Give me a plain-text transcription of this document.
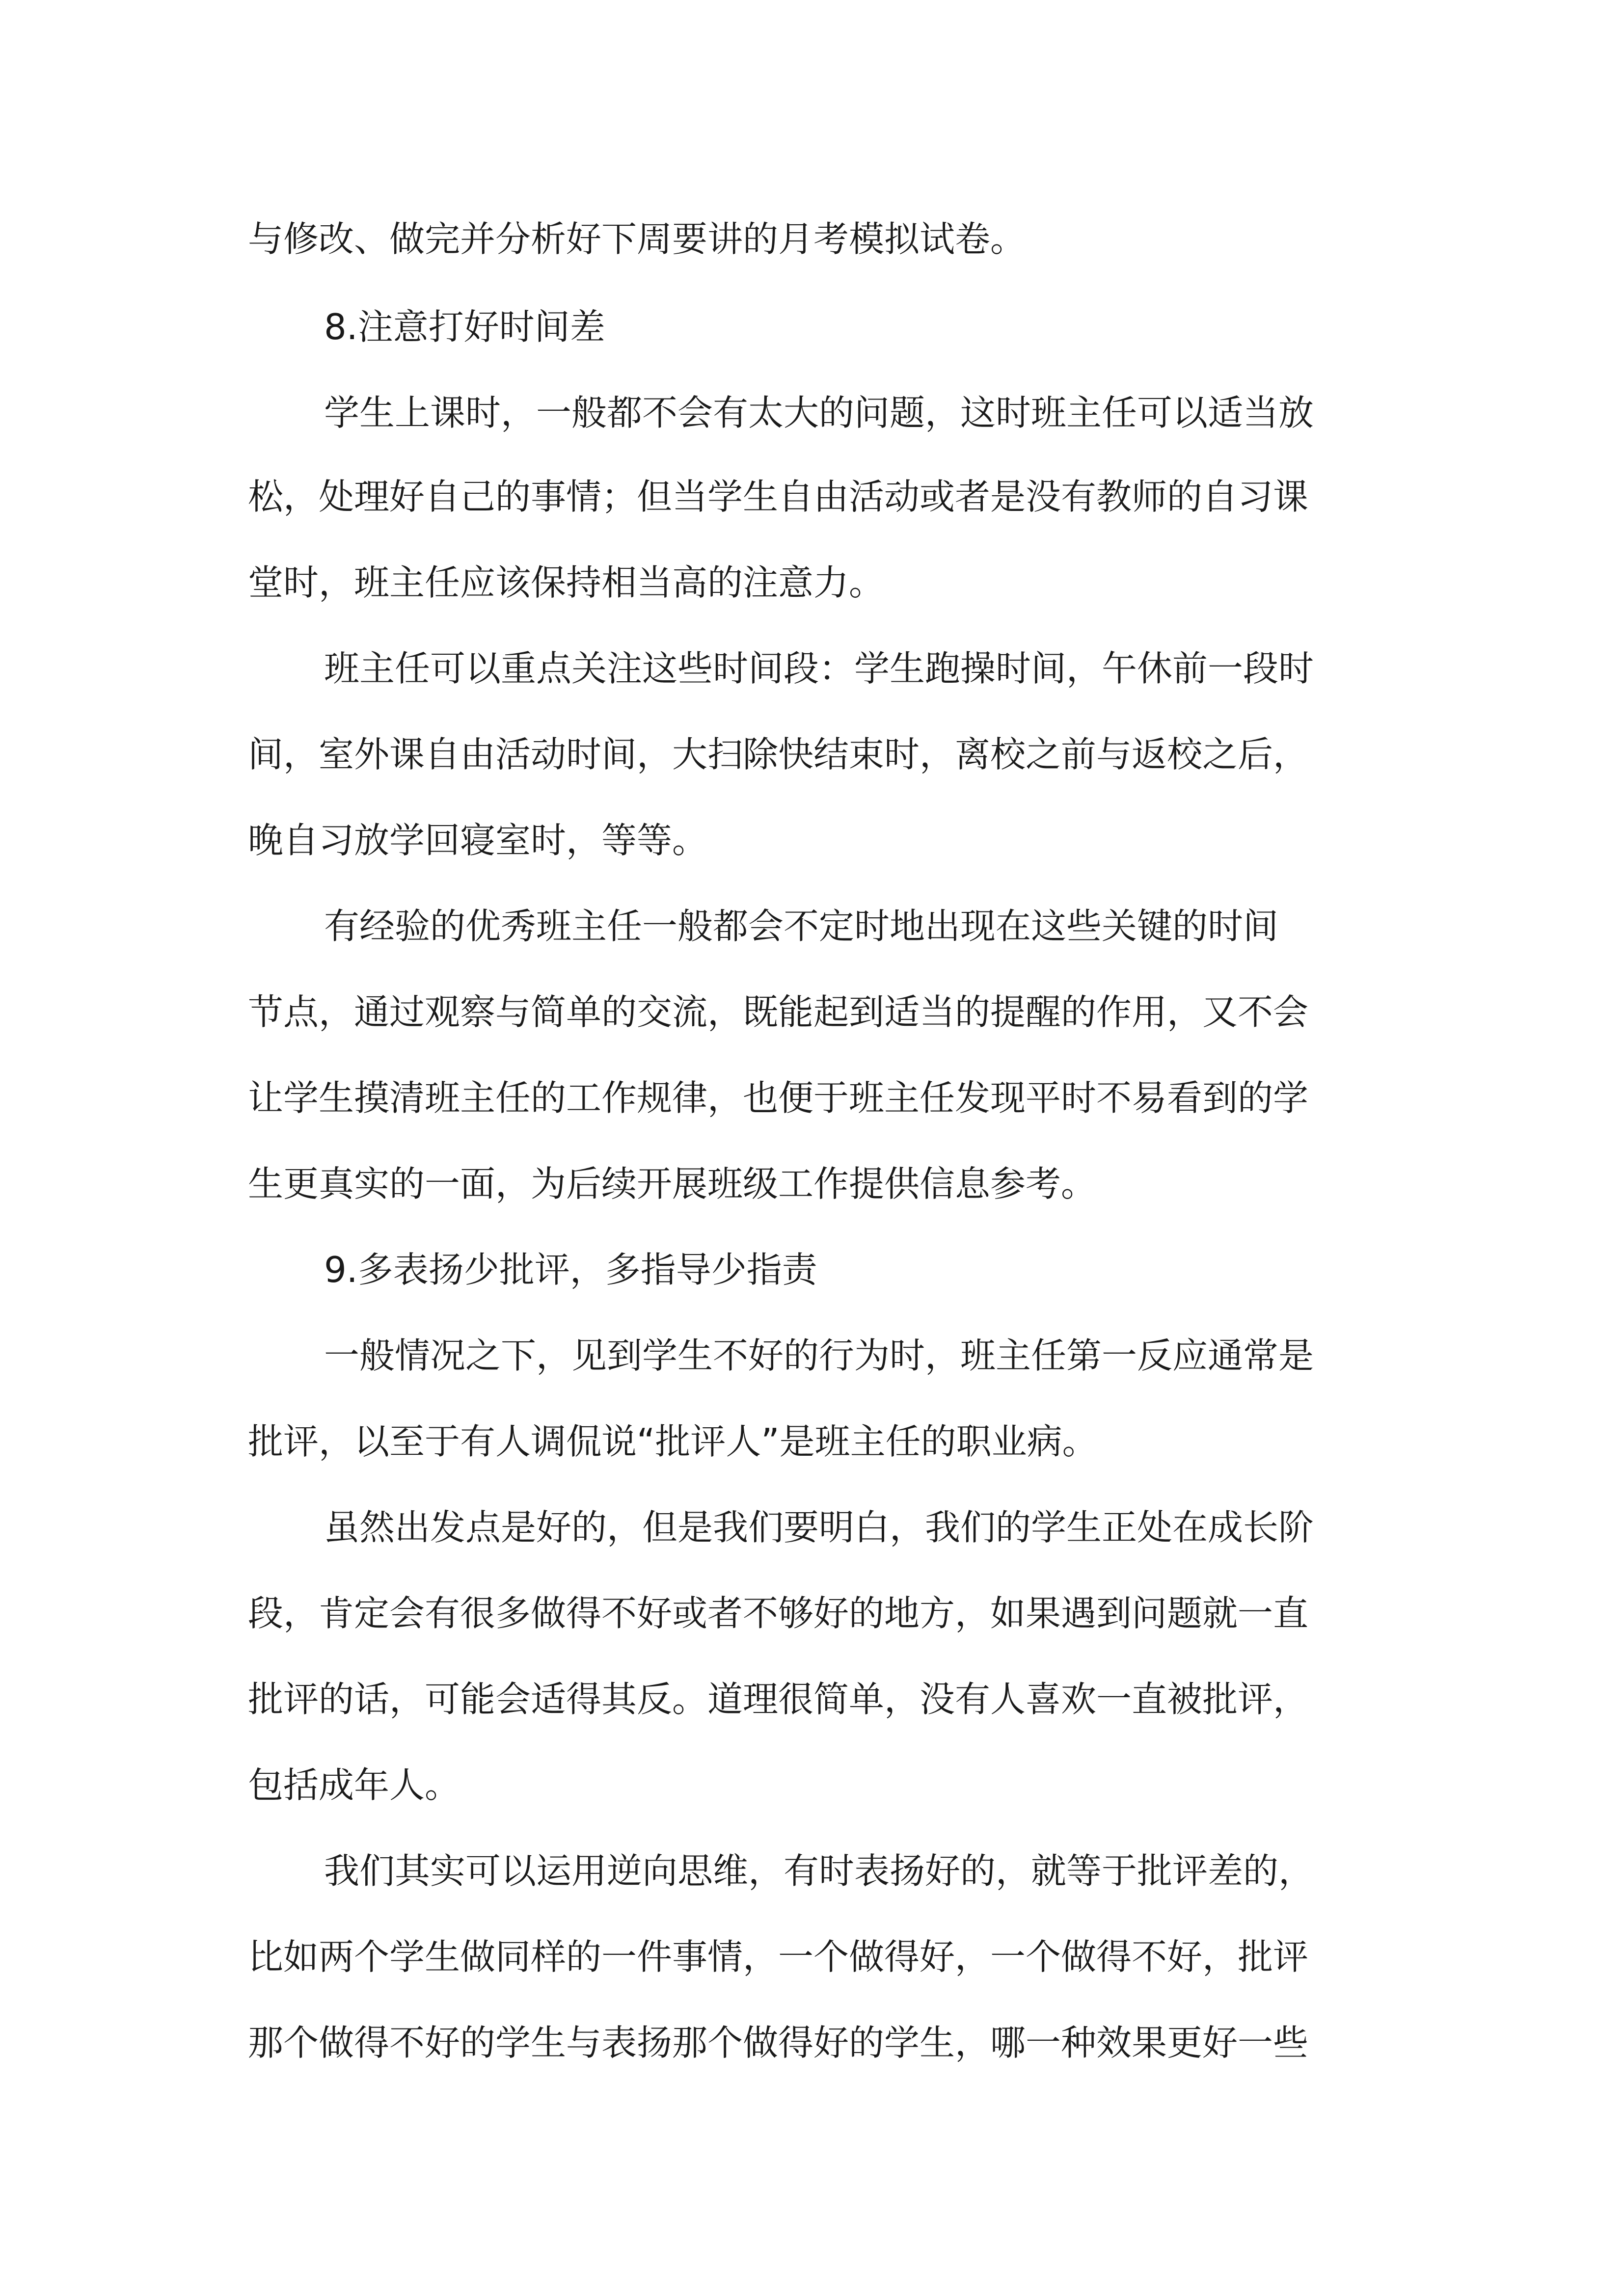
与修改、做完并分析好下周要讲的月考模拟试卷。
8.注意打好时间差
学生上课时，一般都不会有太大的问题，这时班主任可以适当放
松，处理好自己的事情；但当学生自由活动或者是没有教师的自习课
堂时，班主任应该保持相当高的注意力。
班主任可以重点关注这些时间段：学生跑操时间，午休前一段时
间，室外课自由活动时间，大扫除快结束时，离校之前与返校之后，
晚自习放学回寝室时，等等。
有经验的优秀班主任一般都会不定时地出现在这些关键的时间
节点，通过观察与简单的交流，既能起到适当的提醒的作用，又不会
让学生摸清班主任的工作规律，也便于班主任发现平时不易看到的学
生更真实的一面，为后续开展班级工作提供信息参考。
9.多表扬少批评，多指导少指责
一般情况之下，见到学生不好的行为时，班主任第一反应通常是
批评，以至于有人调侃说“批评人”是班主任的职业病。
虽然出发点是好的，但是我们要明白，我们的学生正处在成长阶
段，肯定会有很多做得不好或者不够好的地方，如果遇到问题就一直
批评的话，可能会适得其反。道理很简单，没有人喜欢一直被批评，
包括成年人。
我们其实可以运用逆向思维，有时表扬好的，就等于批评差的，
比如两个学生做同样的一件事情，一个做得好，一个做得不好，批评
那个做得不好的学生与表扬那个做得好的学生，哪一种效果更好一些
